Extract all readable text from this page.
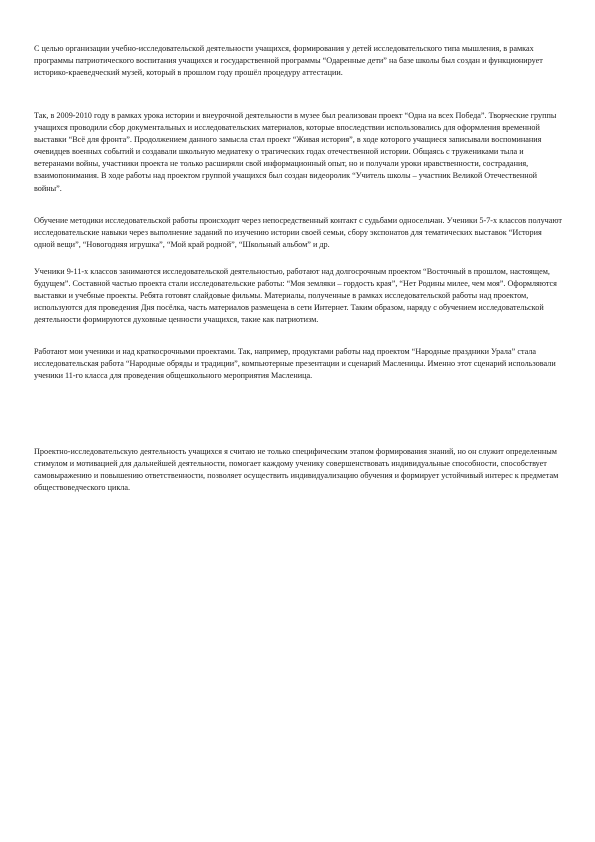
С целью организации учебно-исследовательской деятельности учащихся, формирования у детей исследовательского типа мышления, в рамках программы патриотического воспитания учащихся и государственной программы “Одаренные дети” на базе школы был создан и функционирует историко-краеведческий музей, который в прошлом году прошёл процедуру аттестации.

Так, в 2009-2010 году в рамках урока истории и внеурочной деятельности в музее был реализован проект “Одна на всех Победа”. Творческие группы учащихся проводили сбор документальных и исследовательских материалов, которые впоследствии использовались для оформления временной выставки “Всё для фронта”. Продолжением данного замысла стал проект “Живая история”, в ходе которого учащиеся записывали воспоминания очевидцев военных событий и создавали школьную медиатеку о трагических годах отечественной истории. Общаясь с тружениками тыла и ветеранами войны, участники проекта не только расширяли свой информационный опыт, но и получали уроки нравственности, сострадания, взаимопонимания. В ходе работы над проектом группой учащихся был создан видеоролик “Учитель школы – участник Великой Отечественной войны”.

Обучение методики исследовательской работы происходит через непосредственный контакт с судьбами односельчан. Ученики 5-7-х классов получают исследовательские навыки через выполнение заданий по изучению истории своей семьи, сбору экспонатов для тематических выставок “История одной вещи”, “Новогодняя игрушка”, “Мой край родной”, “Школьный альбом” и др.

Ученики 9-11-х классов занимаются исследовательской деятельностью, работают над долгосрочным проектом “Восточный в прошлом, настоящем, будущем”. Составной частью проекта стали исследовательские работы: “Моя земляки – гордость края”, “Нет Родины милее, чем моя”. Оформляются выставки и учебные проекты. Ребята готовят слайдовые фильмы. Материалы, полученные в рамках исследовательской работы над проектом, используются для проведения Дня посёлка, часть материалов размещена в сети Интернет. Таким образом, наряду с обучением исследовательской деятельности формируются духовные ценности учащихся, такие как патриотизм.

Работают мои ученики и над краткосрочными проектами. Так, например, продуктами работы над проектом “Народные праздники Урала” стала исследовательская работа “Народные обряды и традиции”, компьютерные презентации и сценарий Масленицы. Именно этот сценарий использовали ученики 11-го класса для проведения общешкольного мероприятия Масленица.

Проектно-исследовательскую деятельность учащихся я считаю не только специфическим этапом формирования знаний, но он служит определенным стимулом и мотивацией для дальнейшей деятельности, помогает каждому ученику совершенствовать индивидуальные способности, способствует самовыражению и повышению ответственности, позволяет осуществить индивидуализацию обучения и формирует устойчивый интерес к предметам обществоведческого цикла.
